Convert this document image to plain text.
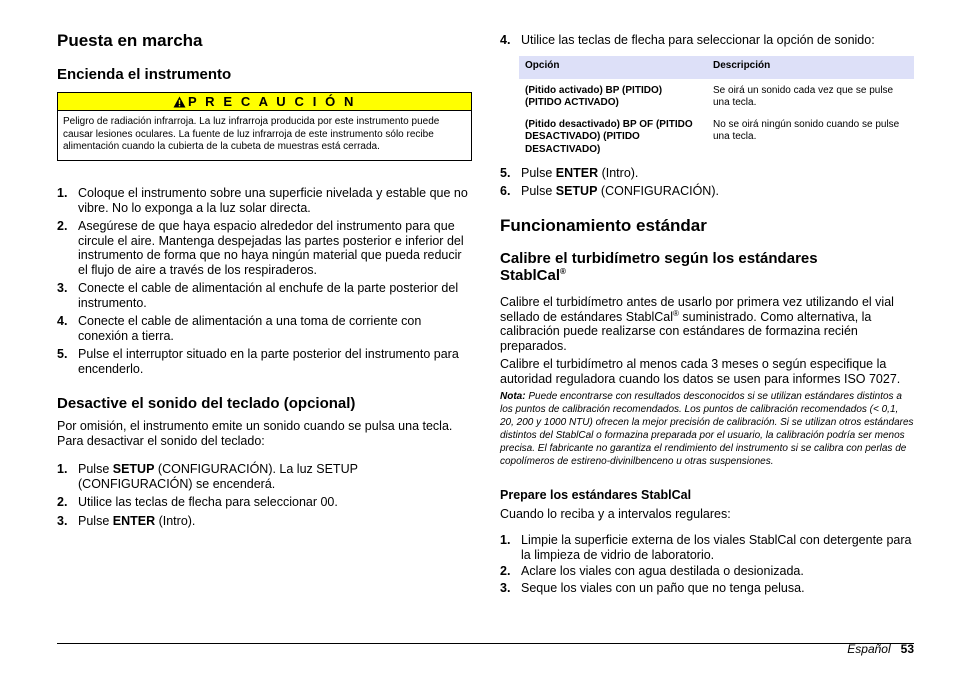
Puesta en marcha
Encienda el instrumento
P R E C A U C I Ó N
Peligro de radiación infrarroja. La luz infrarroja producida por este instrumento puede causar lesiones oculares. La fuente de luz infrarroja de este instrumento sólo recibe alimentación cuando la cubierta de la cubeta de muestras está cerrada.
1. Coloque el instrumento sobre una superficie nivelada y estable que no vibre. No lo exponga a la luz solar directa.
2. Asegúrese de que haya espacio alrededor del instrumento para que circule el aire. Mantenga despejadas las partes posterior e inferior del instrumento de forma que no haya ningún material que pueda reducir el flujo de aire a través de los respiraderos.
3. Conecte el cable de alimentación al enchufe de la parte posterior del instrumento.
4. Conecte el cable de alimentación a una toma de corriente con conexión a tierra.
5. Pulse el interruptor situado en la parte posterior del instrumento para encenderlo.
Desactive el sonido del teclado (opcional)

Por omisión, el instrumento emite un sonido cuando se pulsa una tecla. Para desactivar el sonido del teclado:

1. Pulse SETUP (CONFIGURACIÓN). La luz SETUP (CONFIGURACIÓN) se encenderá.
2. Utilice las teclas de flecha para seleccionar 00.
3. Pulse ENTER (Intro).
4. Utilice las teclas de flecha para seleccionar la opción de sonido:
Opción	Descripción
(Pitido activado) BP (PITIDO) (PITIDO ACTIVADO)	Se oirá un sonido cada vez que se pulse una tecla.
(Pitido desactivado) BP OF (PITIDO DESACTIVADO) (PITIDO DESACTIVADO)	No se oirá ningún sonido cuando se pulse una tecla.
5. Pulse ENTER (Intro).
6. Pulse SETUP (CONFIGURACIÓN).
Funcionamiento estándar
Calibre el turbidímetro según los estándares
StablCal®

Calibre el turbidímetro antes de usarlo por primera vez utilizando el vial sellado de estándares StablCal® suministrado. Como alternativa, la calibración puede realizarse con estándares de formazina recién preparados.

Calibre el turbidímetro al menos cada 3 meses o según especifique la autoridad reguladora cuando los datos se usen para informes ISO 7027.

Nota: Puede encontrarse con resultados desconocidos si se utilizan estándares distintos a los puntos de calibración recomendados. Los puntos de calibración recomendados (< 0,1, 20, 200 y 1000 NTU) ofrecen la mejor precisión de calibración. Si se utilizan otros estándares distintos del StablCal o formazina preparada por el usuario, la calibración podría ser menos precisa. El fabricante no garantiza el rendimiento del instrumento si se calibra con perlas de copolímeros de estireno-divinilbenceno u otras suspensiones.

Prepare los estándares StablCal

Cuando lo reciba y a intervalos regulares:

1. Limpie la superficie externa de los viales StablCal con detergente para la limpieza de vidrio de laboratorio.
2. Aclare los viales con agua destilada o desionizada.
3. Seque los viales con un paño que no tenga pelusa.
Español 53
